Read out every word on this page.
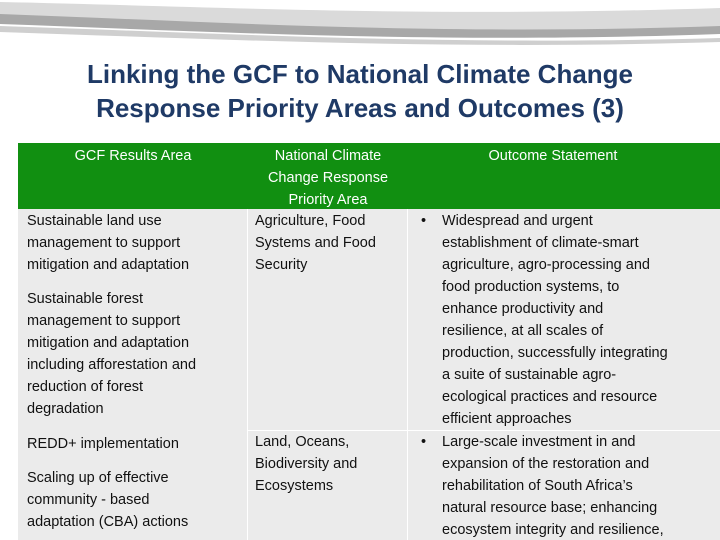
Linking the GCF to National Climate Change
Response Priority Areas and Outcomes (3)
GCF Results Area	National Climate
Change Response
Priority Area
Outcome Statement
Sustainable land use
management to support
mitigation and adaptation
Sustainable forest
management to support
mitigation and adaptation
including afforestation and
reduction of forest
degradation
REDD+ implementation
Scaling up of effective
community - based
adaptation (CBA) actions
Agriculture, Food
Systems and Food
Security
Land, Oceans,
Biodiversity and
Ecosystems
• Widespread and urgent
establishment of climate-smart
agriculture, agro-processing and
food production systems, to
enhance productivity and
resilience, at all scales of
production, successfully integrating
a suite of sustainable agro-
ecological practices and resource
efficient approaches
• Large-scale investment in and
expansion of the restoration and
rehabilitation of South Africa’s
natural resource base; enhancing
ecosystem integrity and resilience,
